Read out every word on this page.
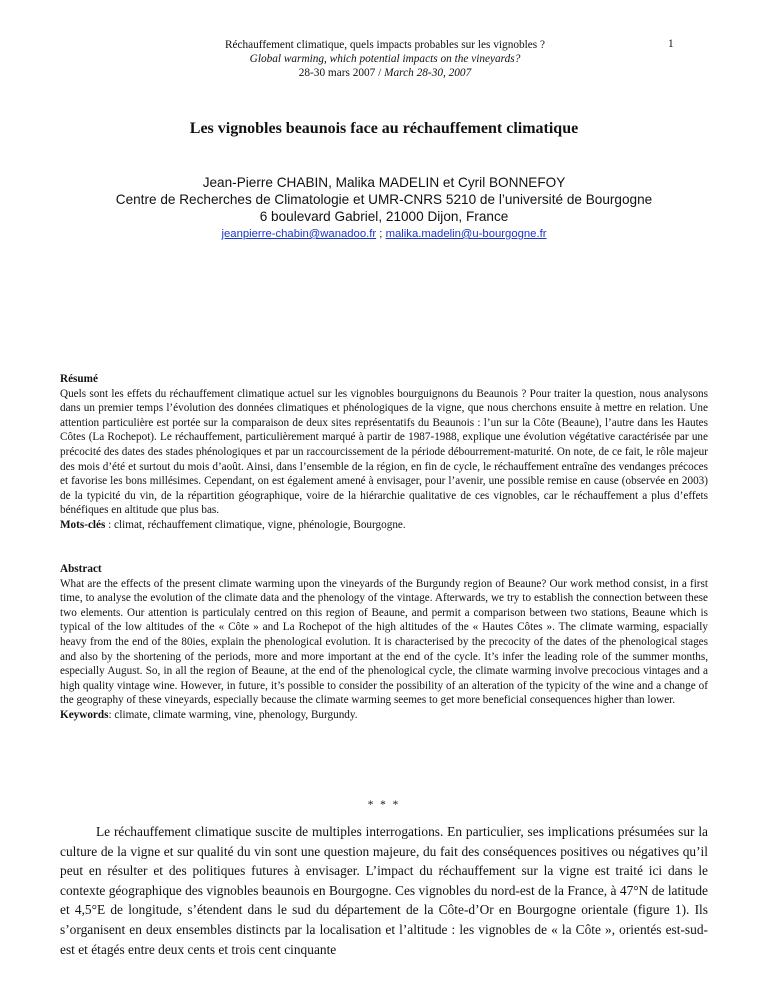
Réchauffement climatique, quels impacts probables sur les vignobles ?
Global warming, which potential impacts on the vineyards?
28-30 mars 2007 / March 28-30, 2007
1
Les vignobles beaunois face au réchauffement climatique
Jean-Pierre CHABIN, Malika MADELIN et Cyril BONNEFOY
Centre de Recherches de Climatologie et UMR-CNRS 5210 de l’université de Bourgogne
6 boulevard Gabriel, 21000 Dijon, France
jeanpierre-chabin@wanadoo.fr ; malika.madelin@u-bourgogne.fr
Résumé
Quels sont les effets du réchauffement climatique actuel sur les vignobles bourguignons du Beaunois ? Pour traiter la question, nous analysons dans un premier temps l’évolution des données climatiques et phénologiques de la vigne, que nous cherchons ensuite à mettre en relation. Une attention particulière est portée sur la comparaison de deux sites représentatifs du Beaunois : l’un sur la Côte (Beaune), l’autre dans les Hautes Côtes (La Rochepot). Le réchauffement, particulièrement marqué à partir de 1987-1988, explique une évolution végétative caractérisée par une précocité des dates des stades phénologiques et par un raccourcissement de la période débourrement-maturité. On note, de ce fait, le rôle majeur des mois d’été et surtout du mois d’août. Ainsi, dans l’ensemble de la région, en fin de cycle, le réchauffement entraîne des vendanges précoces et favorise les bons millésimes. Cependant, on est également amené à envisager, pour l’avenir, une possible remise en cause (observée en 2003) de la typicité du vin, de la répartition géographique, voire de la hiérarchie qualitative de ces vignobles, car le réchauffement a plus d’effets bénéfiques en altitude que plus bas.
Mots-clés : climat, réchauffement climatique, vigne, phénologie, Bourgogne.
Abstract
What are the effects of the present climate warming upon the vineyards of the Burgundy region of Beaune? Our work method consist, in a first time, to analyse the evolution of the climate data and the phenology of the vintage. Afterwards, we try to establish the connection between these two elements. Our attention is particulaly centred on this region of Beaune, and permit a comparison between two stations, Beaune which is typical of the low altitudes of the « Côte » and La Rochepot of the high altitudes of the « Hautes Côtes ». The climate warming, espacially heavy from the end of the 80ies, explain the phenological evolution. It is characterised by the precocity of the dates of the phenological stages and also by the shortening of the periods, more and more important at the end of the cycle. It’s infer the leading role of the summer months, especially August. So, in all the region of Beaune, at the end of the phenological cycle, the climate warming involve precocious vintages and a high quality vintage wine. However, in future, it’s possible to consider the possibility of an alteration of the typicity of the wine and a change of the geography of these vineyards, especially because the climate warming seemes to get more beneficial consequences higher than lower.
Keywords: climate, climate warming, vine, phenology, Burgundy.
* * *
Le réchauffement climatique suscite de multiples interrogations. En particulier, ses implications présumées sur la culture de la vigne et sur qualité du vin sont une question majeure, du fait des conséquences positives ou négatives qu’il peut en résulter et des politiques futures à envisager. L’impact du réchauffement sur la vigne est traité ici dans le contexte géographique des vignobles beaunois en Bourgogne. Ces vignobles du nord-est de la France, à 47°N de latitude et 4,5°E de longitude, s’étendent dans le sud du département de la Côte-d’Or en Bourgogne orientale (figure 1). Ils s’organisent en deux ensembles distincts par la localisation et l’altitude : les vignobles de « la Côte », orientés est-sud-est et étagés entre deux cents et trois cent cinquante
